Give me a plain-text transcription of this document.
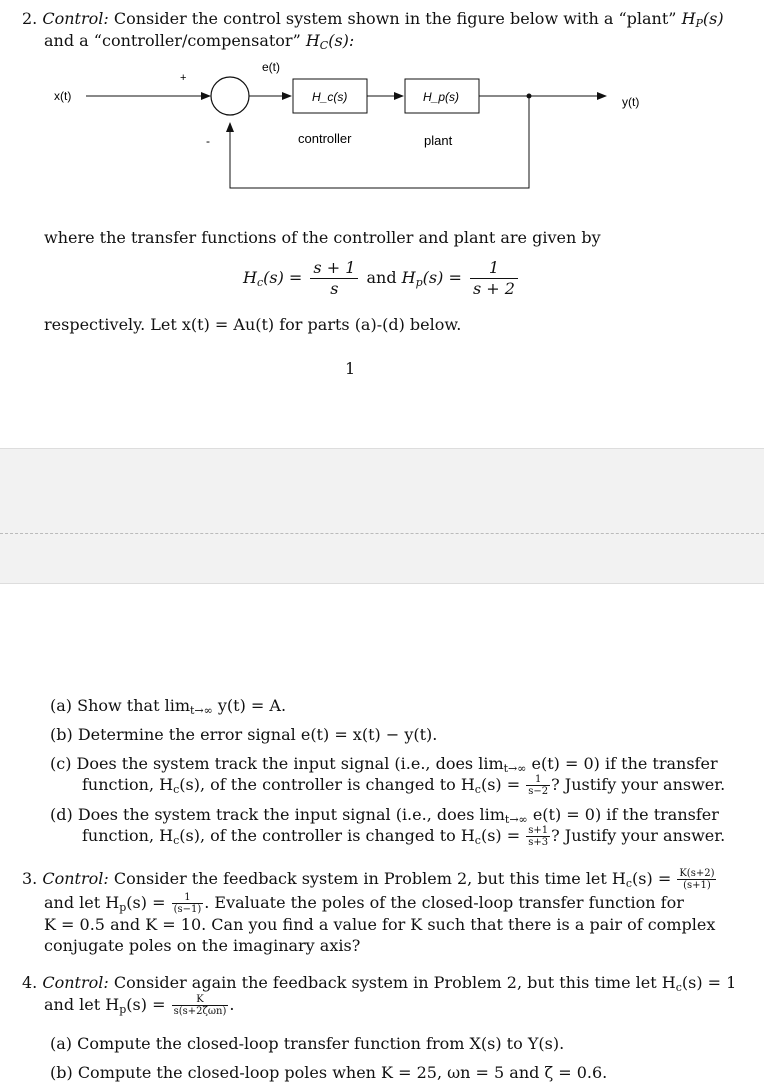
2. Control: Consider the control system shown in the figure below with a “plant” $H_P(s)$
and a “controller/compensator” $H_C(s)$:
x(t)
e(t)
+
-
H_c(s)
controller
H_p(s)
plant
y(t)
where the transfer functions of the controller and plant are given by
$H_c(s) = \frac{s + 1}{s}$ and $H_p(s) = \frac{1}{s + 2}$
respectively. Let x(t) = Au(t) for parts (a)-(d) below.
1
(a) Show that $\lim_{t\to\infty} y(t) = A$.
(b) Determine the error signal e(t) = x(t) − y(t).
(c) Does the system track the input signal (i.e., does $\lim_{t\to\infty} e(t) = 0$) if the transfer
function, $H_c(s)$, of the controller is changed to $H_c(s) = \frac{1}{s-2}$ ? Justify your answer.
(d) Does the system track the input signal (i.e., does $\lim_{t\to\infty} e(t) = 0$) if the transfer
function, $H_c(s)$, of the controller is changed to $H_c(s) = \frac{s+1}{s+3}$ ? Justify your answer.
3. Control: Consider the feedback system in Problem 2, but this time let $H_c(s) = \frac{K(s+2)}{(s+1)}$
and let $H_p(s) = \frac{1}{(s-1)}$ . Evaluate the poles of the closed-loop transfer function for
K = 0.5 and K = 10. Can you find a value for K such that there is a pair of complex
conjugate poles on the imaginary axis?
4. Control: Consider again the feedback system in Problem 2, but this time let $H_c(s) = 1$
and let $H_p(s) = \frac{K}{\text{s(s+2ζωn)}}$ .
(a) Compute the closed-loop transfer function from X(s) to Y(s).
(b) Compute the closed-loop poles when K = 25, ωn = 5 and ζ = 0.6.
